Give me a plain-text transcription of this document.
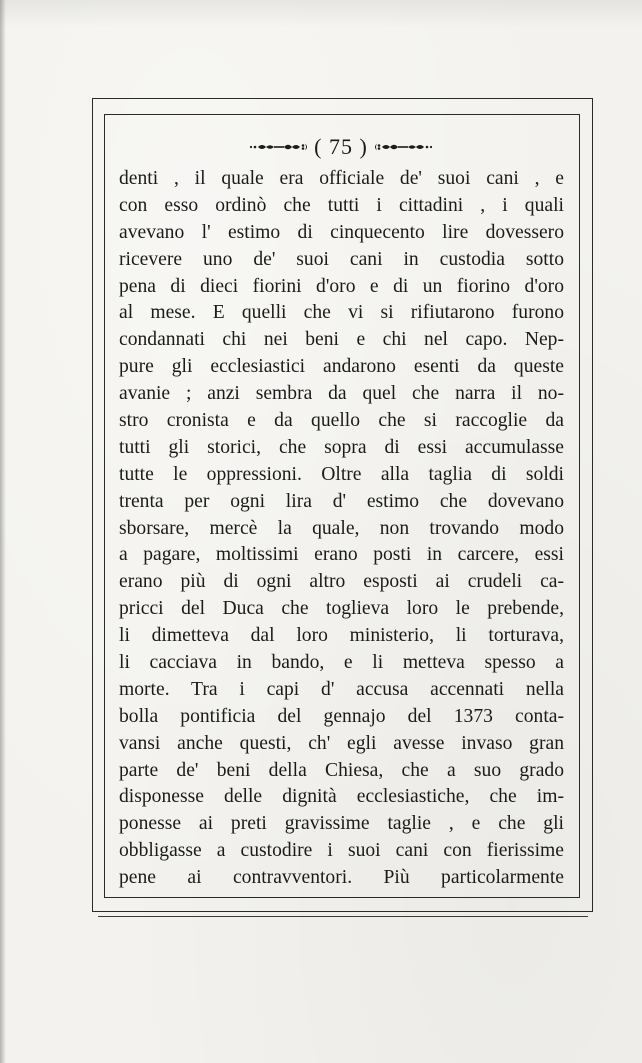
( 75 )
denti , il quale era officiale de' suoi cani , e
con esso ordinò che tutti i cittadini , i quali
avevano l' estimo di cinquecento lire dovessero
ricevere uno de' suoi cani in custodia sotto
pena di dieci fiorini d'oro e di un fiorino d'oro
al mese. E quelli che vi si rifiutarono furono
condannati chi nei beni e chi nel capo. Nep-
pure gli ecclesiastici andarono esenti da queste
avanie ; anzi sembra da quel che narra il no-
stro cronista e da quello che si raccoglie da
tutti gli storici, che sopra di essi accumulasse
tutte le oppressioni. Oltre alla taglia di soldi
trenta per ogni lira d' estimo che dovevano
sborsare, mercè la quale, non trovando modo
a pagare, moltissimi erano posti in carcere, essi
erano più di ogni altro esposti ai crudeli ca-
pricci del Duca che toglieva loro le prebende,
li dimetteva dal loro ministerio, li torturava,
li cacciava in bando, e li metteva spesso a
morte. Tra i capi d' accusa accennati nella
bolla pontificia del gennajo del 1373 conta-
vansi anche questi, ch' egli avesse invaso gran
parte de' beni della Chiesa, che a suo grado
disponesse delle dignità ecclesiastiche, che im-
ponesse ai preti gravissime taglie , e che gli
obbligasse a custodire i suoi cani con fierissime
pene ai contravventori. Più particolarmente
